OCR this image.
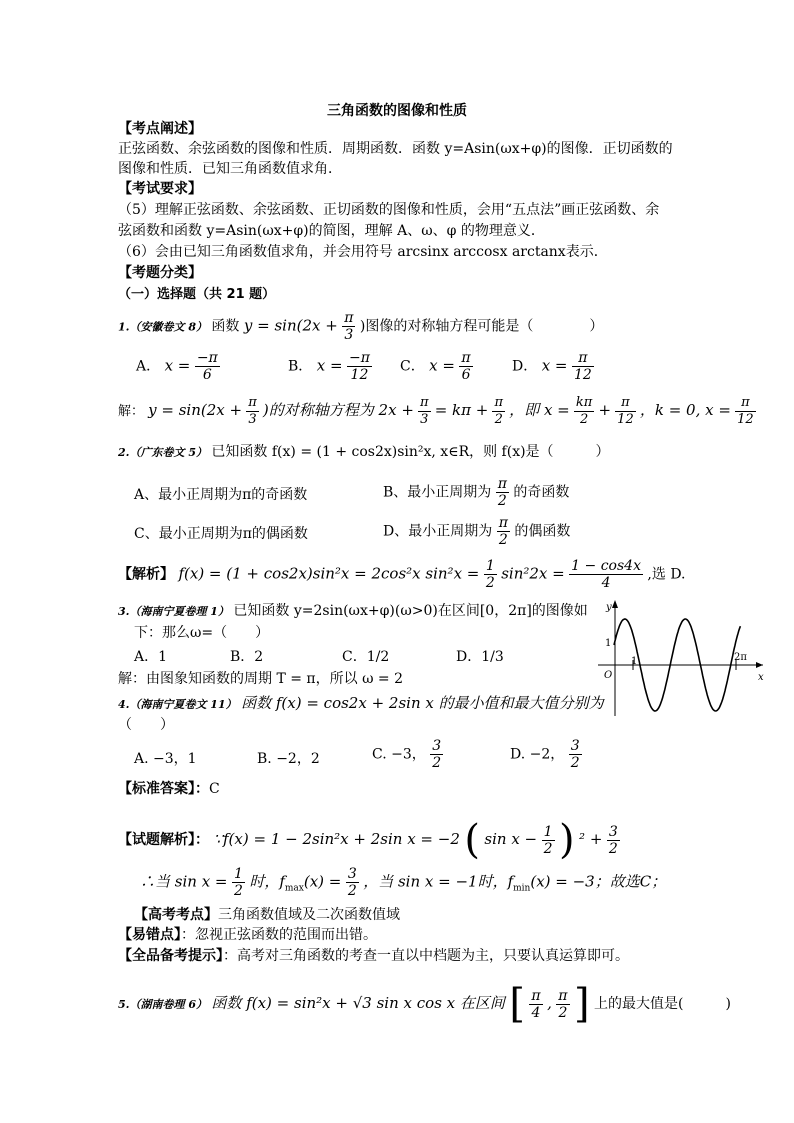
三角函数的图像和性质
【考点阐述】
正弦函数、余弦函数的图像和性质．周期函数．函数 y=Asin(ωx+φ)的图像．正切函数的
图像和性质．已知三角函数值求角．
【考试要求】
（5）理解正弦函数、余弦函数、正切函数的图像和性质，会用“五点法”画正弦函数、余
弦函数和函数 y=Asin(ωx+φ)的简图，理解 A、ω、φ 的物理意义．
（6）会由已知三角函数值求角，并会用符号 arcsinx arccosx arctanx表示．
【考题分类】
（一）选择题（共 21 题）
1.（安徽卷文 8） 函数 $y = \sin(2x + \frac{\pi}{3}$ )图像的对称轴方程可能是（　　　　）
A． $x = \frac{-\pi}{6}$	B． $x = \frac{-\pi}{12}$ C． $x = \frac{\pi}{6}$	D． $x = \frac{\pi}{12}$
解： $y = \sin(2x + \frac{\pi}{3}$ )的对称轴方程为 $2x + \frac{\pi}{3} = k\pi + \frac{\pi}{2}$ ，即 $x = \frac{k\pi}{2} + \frac{\pi}{12}$ ，k = 0, $x = \frac{\pi}{12}$
2.（广东卷文 5） 已知函数 f(x) = (1 + cos2x)sin²x, x∈R，则 f(x)是（　　　）
A、最小正周期为π的奇函数	B、最小正周期为 $\frac{\pi}{2}$ 的奇函数
C、最小正周期为π的偶函数	D、最小正周期为 $\frac{\pi}{2}$ 的偶函数
【解析】 f(x) = (1 + cos2x)sin²x = 2cos²x $\sin^2x = \frac{1}{2} \sin^22x = \frac{1 - \cos 4x}{4}$ ,选 D.
3.（海南宁夏卷理 1） 已知函数 y=2sin(ωx+φ)(ω>0)在区间[0，2π]的图像如
下：那么ω=（　　）
A．1	B．2	C．1/2	D．1/3
解：由图象知函数的周期 T = π，所以 ω = 2
y
x
O
1
1
2π
4.（海南宁夏卷文 11） 函数 f(x) = cos2x + 2sin x 的最小值和最大值分别为
（　　）
A. −3，1	B. −2，2	C. −3， $\frac{3}{2}$	D. −2， $\frac{3}{2}$
【标准答案】：C
【试题解析】： ∵f(x) = 1 − 2sin²x + 2sin x = −2 ( $\sin x - \frac{1}{2}$ ) $^2 + \frac{3}{2}$
∴当 $\sin x = \frac{1}{2}$ 时，$f_{max}(x) = \frac{3}{2}$ ，当 sin x = −1时，$f_{min}(x) = -3$；故选C；
【高考考点】三角函数值域及二次函数值域
【易错点】：忽视正弦函数的范围而出错。
【全品备考提示】：高考对三角函数的考查一直以中档题为主，只要认真运算即可。
5.（湖南卷理 6） 函数 f(x) = sin²x + √3 sin x cos x 在区间 [ $\frac{\pi}{4}$ , $\frac{\pi}{2}$ ] 上的最大值是(　　　)
